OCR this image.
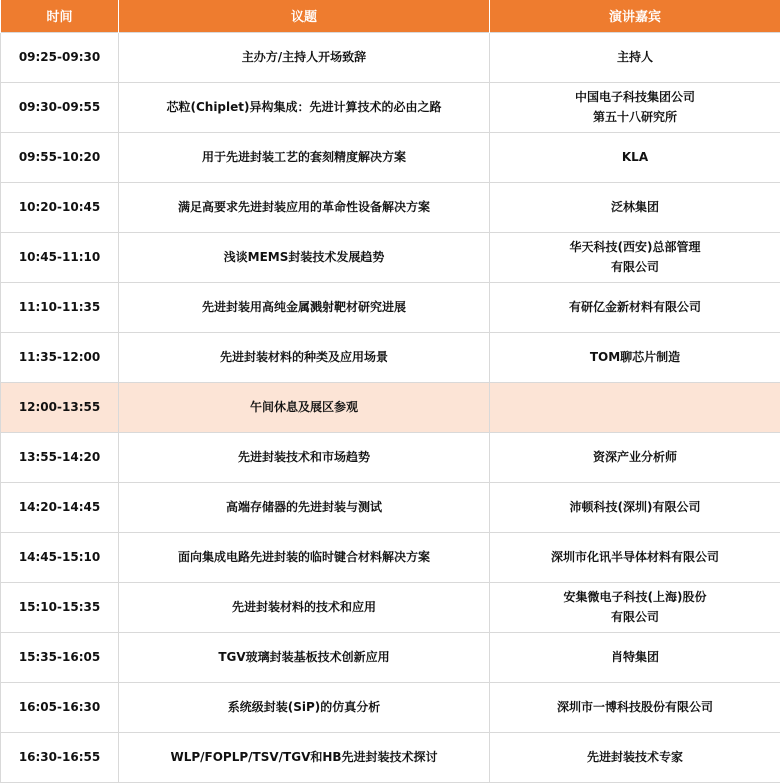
时间	议题	演讲嘉宾
09:25-09:30	主办方/主持人开场致辞	主持人
09:30-09:55	芯粒(Chiplet)异构集成：先进计算技术的必由之路	中国电子科技集团公司
第五十八研究所
09:55-10:20	用于先进封装工艺的套刻精度解决方案	KLA
10:20-10:45	满足高要求先进封装应用的革命性设备解决方案	泛林集团
10:45-11:10	浅谈MEMS封装技术发展趋势	华天科技(西安)总部管理
有限公司
11:10-11:35	先进封装用高纯金属溅射靶材研究进展	有研亿金新材料有限公司
11:35-12:00	先进封装材料的种类及应用场景	TOM聊芯片制造
12:00-13:55	午间休息及展区参观	
13:55-14:20	先进封装技术和市场趋势	资深产业分析师
14:20-14:45	高端存储器的先进封装与测试	沛顿科技(深圳)有限公司
14:45-15:10	面向集成电路先进封装的临时键合材料解决方案	深圳市化讯半导体材料有限公司
15:10-15:35	先进封装材料的技术和应用	安集微电子科技(上海)股份
有限公司
15:35-16:05	TGV玻璃封装基板技术创新应用	肖特集团
16:05-16:30	系统级封装(SiP)的仿真分析	深圳市一博科技股份有限公司
16:30-16:55	WLP/FOPLP/TSV/TGV和HB先进封装技术探讨	先进封装技术专家
